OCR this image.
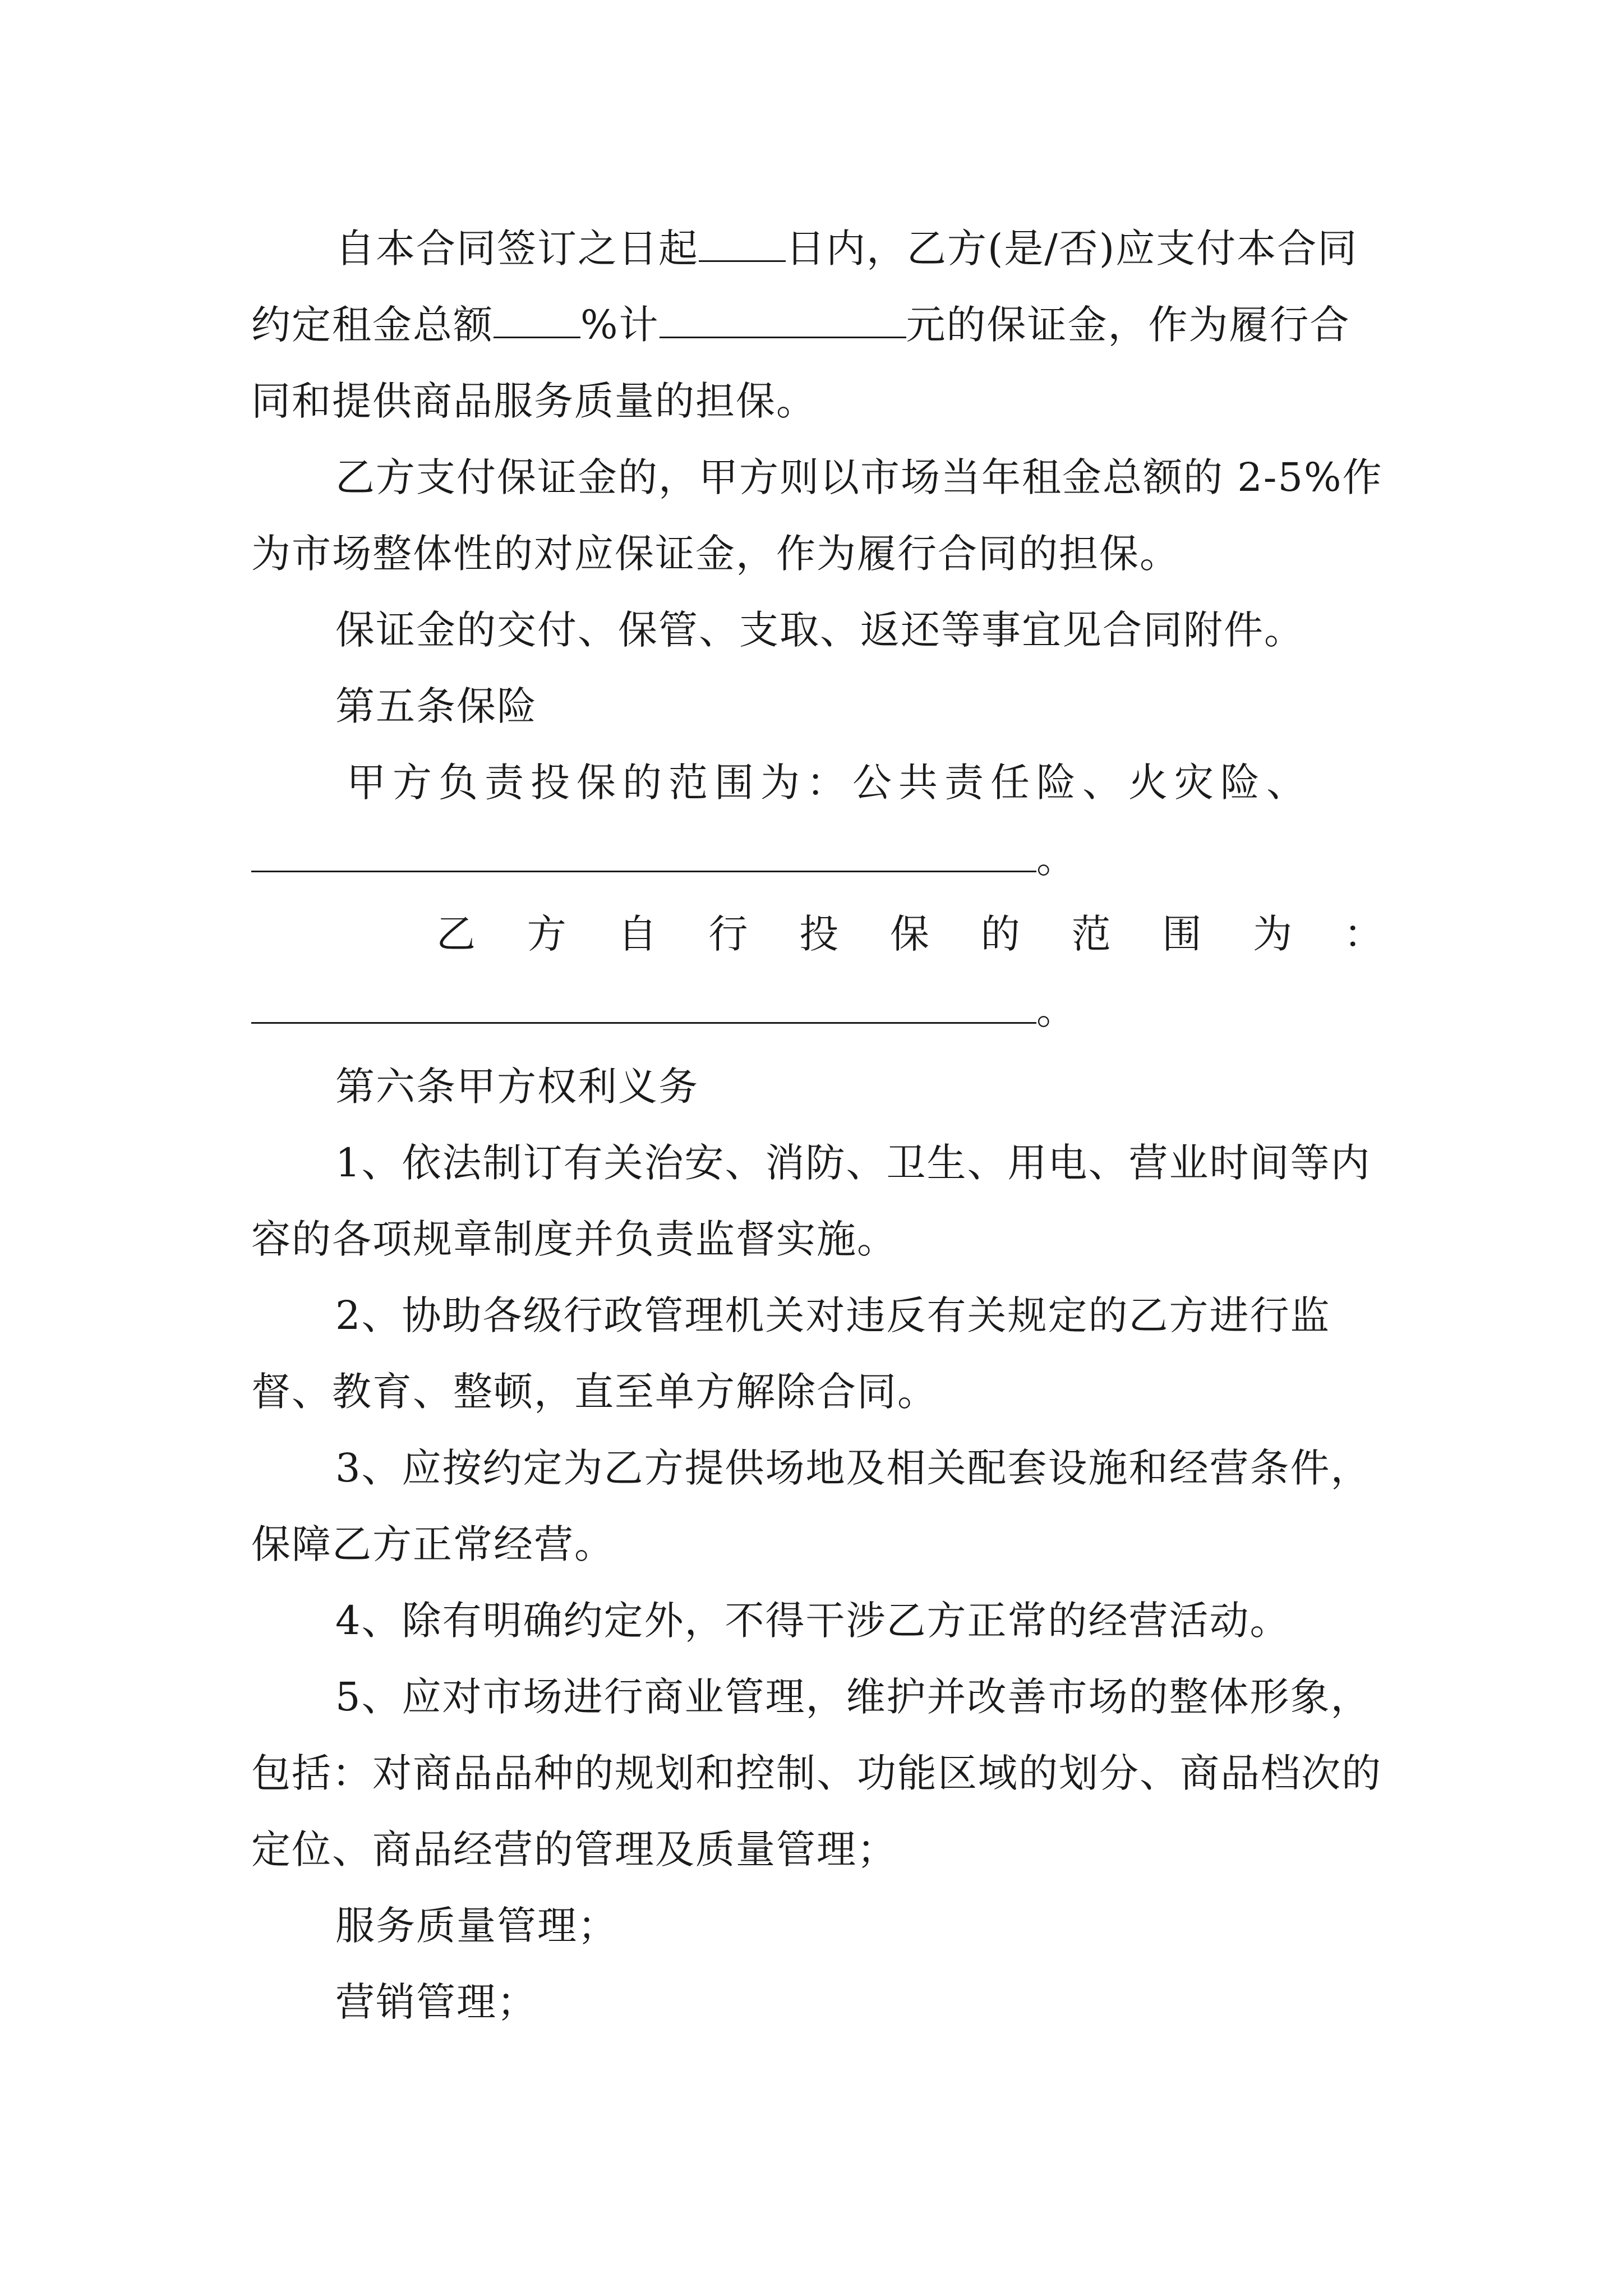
自本合同签订之日起 日内，乙方(是/否)应支付本合同约定租金总额 %计	元的保证金，作为履行合同和提供商品服务质量的担保。

乙方支付保证金的，甲方则以市场当年租金总额的 2-5%作为市场整体性的对应保证金，作为履行合同的担保。

保证金的交付、保管、支取、返还等事宜见合同附件。

第五条保险

甲方负责投保的范围为：公共责任险、火灾险、
。

乙 方 自 行 投 保 的 范 围 为 ：

。

第六条甲方权利义务

1、依法制订有关治安、消防、卫生、用电、营业时间等内容的各项规章制度并负责监督实施。

2、协助各级行政管理机关对违反有关规定的乙方进行监督、教育、整顿，直至单方解除合同。

3、应按约定为乙方提供场地及相关配套设施和经营条件，保障乙方正常经营。

4、除有明确约定外，不得干涉乙方正常的经营活动。

5、应对市场进行商业管理，维护并改善市场的整体形象，包括：对商品品种的规划和控制、功能区域的划分、商品档次的定位、商品经营的管理及质量管理；

服务质量管理；

营销管理；
